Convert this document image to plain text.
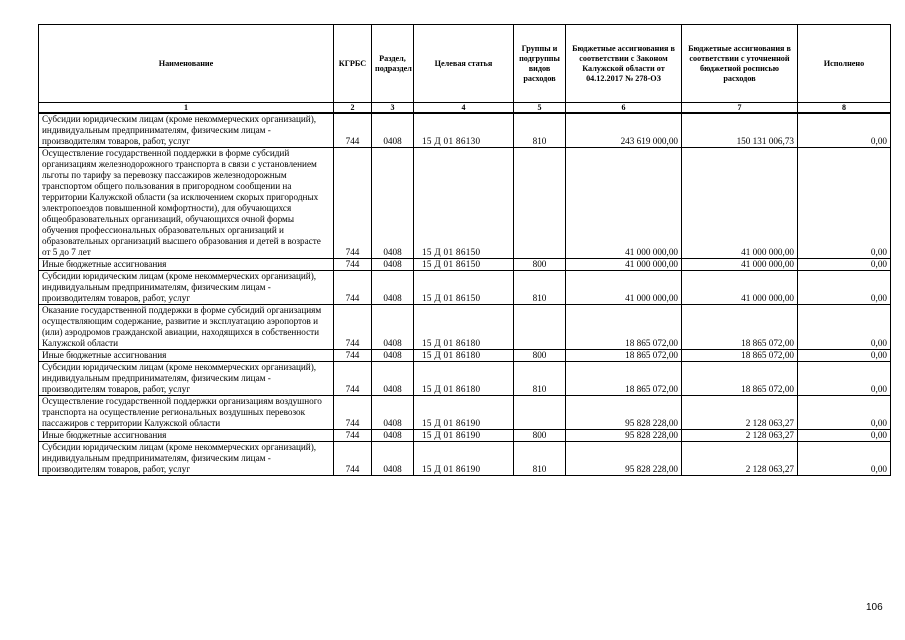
Наименование	КГРБС	Раздел, подраздел	Целевая статья	Группы и подгруппы видов расходов	Бюджетные ассигнования в соответствии с Законом Калужской области от 04.12.2017 № 278-ОЗ	Бюджетные ассигнования в соответствии с уточненной бюджетной росписью расходов	Исполнено
1	2	3	4	5	6	7	8
Субсидии юридическим лицам (кроме некоммерческих организаций), индивидуальным предпринимателям, физическим лицам - производителям товаров, работ, услуг	744	0408	15 Д 01 86130	810	243 619 000,00	150 131 006,73	0,00
Осуществление государственной поддержки в форме субсидий организациям железнодорожного транспорта в связи с установлением льготы по тарифу за перевозку пассажиров железнодорожным транспортом общего пользования в пригородном сообщении на территории Калужской области (за исключением скорых пригородных электропоездов повышенной комфортности), для обучающихся общеобразовательных организаций, обучающихся очной формы обучения профессиональных образовательных организаций и образовательных организаций высшего образования и детей в возрасте от 5 до 7 лет	744	0408	15 Д 01 86150		41 000 000,00	41 000 000,00	0,00
Иные бюджетные ассигнования	744	0408	15 Д 01 86150	800	41 000 000,00	41 000 000,00	0,00
Субсидии юридическим лицам (кроме некоммерческих организаций), индивидуальным предпринимателям, физическим лицам - производителям товаров, работ, услуг	744	0408	15 Д 01 86150	810	41 000 000,00	41 000 000,00	0,00
Оказание государственной поддержки в форме субсидий организациям осуществляющим содержание, развитие и эксплуатацию аэропортов и (или) аэродромов гражданской авиации, находящихся в собственности Калужской области	744	0408	15 Д 01 86180		18 865 072,00	18 865 072,00	0,00
Иные бюджетные ассигнования	744	0408	15 Д 01 86180	800	18 865 072,00	18 865 072,00	0,00
Субсидии юридическим лицам (кроме некоммерческих организаций), индивидуальным предпринимателям, физическим лицам - производителям товаров, работ, услуг	744	0408	15 Д 01 86180	810	18 865 072,00	18 865 072,00	0,00
Осуществление государственной поддержки организациям воздушного транспорта на осуществление региональных воздушных перевозок пассажиров с территории Калужской области	744	0408	15 Д 01 86190		95 828 228,00	2 128 063,27	0,00
Иные бюджетные ассигнования	744	0408	15 Д 01 86190	800	95 828 228,00	2 128 063,27	0,00
Субсидии юридическим лицам (кроме некоммерческих организаций), индивидуальным предпринимателям, физическим лицам - производителям товаров, работ, услуг	744	0408	15 Д 01 86190	810	95 828 228,00	2 128 063,27	0,00
106
